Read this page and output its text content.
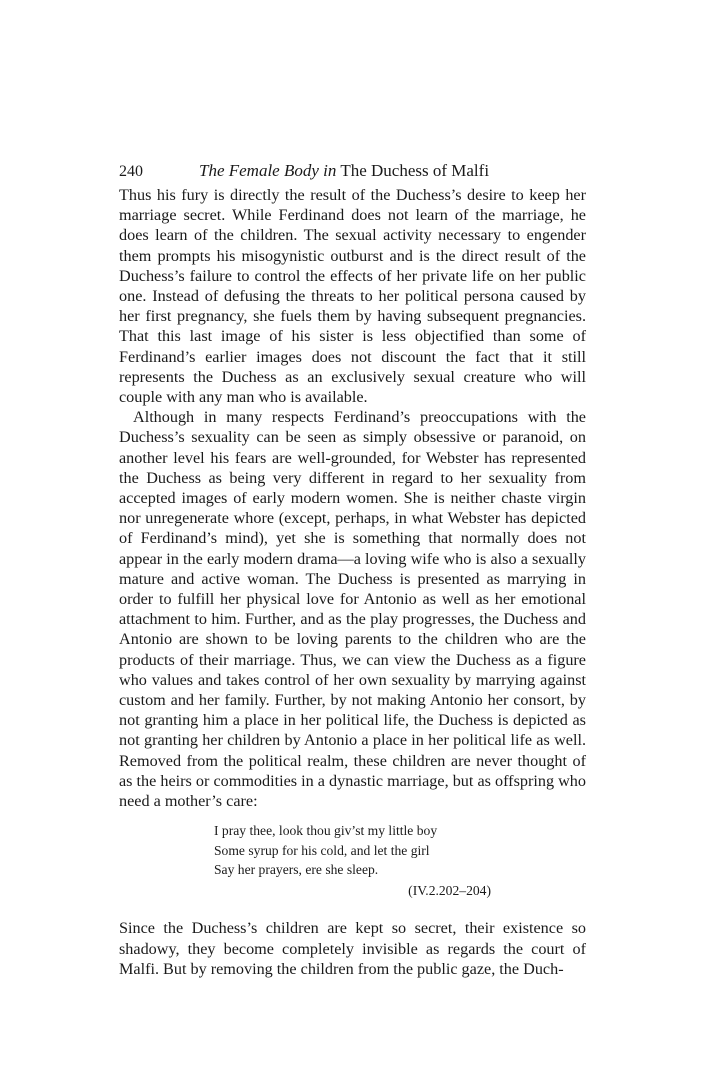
240	The Female Body in The Duchess of Malfi

Thus his fury is directly the result of the Duchess’s desire to keep her marriage secret. While Ferdinand does not learn of the marriage, he does learn of the children. The sexual activity necessary to engender them prompts his misogynistic outburst and is the direct result of the Duchess’s failure to control the effects of her private life on her public one. Instead of defusing the threats to her political persona caused by her first pregnancy, she fuels them by having subsequent pregnancies. That this last image of his sister is less objectified than some of Ferdinand’s earlier images does not discount the fact that it still represents the Duchess as an exclusively sexual creature who will couple with any man who is available.

Although in many respects Ferdinand’s preoccupations with the Duchess’s sexuality can be seen as simply obsessive or paranoid, on another level his fears are well-grounded, for Webster has represented the Duchess as being very different in regard to her sexuality from accepted images of early modern women. She is neither chaste virgin nor unregenerate whore (except, perhaps, in what Webster has depicted of Ferdinand’s mind), yet she is something that normally does not appear in the early modern drama—a loving wife who is also a sexually mature and active woman. The Duchess is presented as marrying in order to fulfill her physical love for Antonio as well as her emotional attachment to him. Further, and as the play progresses, the Duchess and Antonio are shown to be loving parents to the children who are the products of their marriage. Thus, we can view the Duchess as a figure who values and takes control of her own sexuality by marrying against custom and her family. Further, by not making Antonio her consort, by not granting him a place in her political life, the Duchess is depicted as not granting her children by Antonio a place in her political life as well. Removed from the political realm, these children are never thought of as the heirs or commodities in a dynastic marriage, but as offspring who need a mother’s care:

I pray thee, look thou giv’st my little boy
Some syrup for his cold, and let the girl
Say her prayers, ere she sleep.
(IV.2.202–204)

Since the Duchess’s children are kept so secret, their existence so shadowy, they become completely invisible as regards the court of Malfi. But by removing the children from the public gaze, the Duch-
